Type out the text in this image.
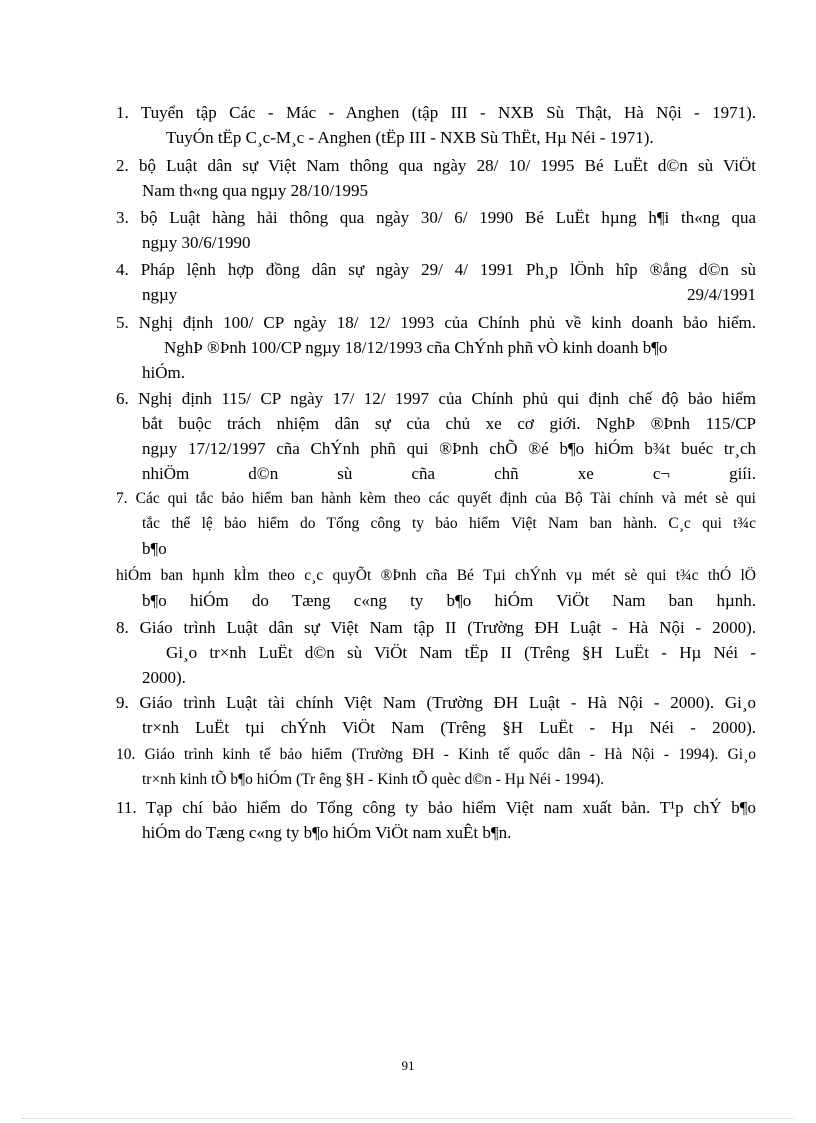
1. Tuyển tập Các - Mác - Anghen (tập III - NXB Sù Thật, Hà Nội - 1971).
TuyÓn tËp C¸c-M¸c - Anghen (tËp III - NXB Sù ThËt, Hµ Néi - 1971).
2. bộ Luật dân sự Việt Nam thông qua ngày 28/ 10/ 1995 Bé LuËt d©n sù ViÖt
Nam th«ng qua ngµy 28/10/1995
3. bộ Luật hàng hải thông qua ngày 30/ 6/ 1990 Bé LuËt hµng h¶i th«ng qua
ngµy 30/6/1990
4. Pháp lệnh hợp đồng dân sự ngày 29/ 4/ 1991 Ph¸p lÖnh hîp ®ång d©n sù
ngµy	29/4/1991
5. Nghị định 100/ CP ngày 18/ 12/ 1993 của Chính phủ về kinh doanh bảo hiểm.
NghÞ ®Þnh 100/CP ngµy 18/12/1993 cña ChÝnh phñ vÒ kinh doanh b¶o
hiÓm.
6. Nghị định 115/ CP ngày 17/ 12/ 1997 của Chính phủ qui định chế độ bảo hiểm
bắt buộc trách nhiệm dân sự của chủ xe cơ giới. NghÞ ®Þnh 115/CP
ngµy 17/12/1997 cña ChÝnh phñ qui ®Þnh chÕ ®é b¶o hiÓm b¾t buéc tr¸ch
nhiÖm d©n sù cña chñ xe c¬ giíi.
7. Các qui tắc bảo hiểm ban hành kèm theo các quyết định của Bộ Tài chính và mét sè qui
tắc thể lệ bảo hiểm do Tổng công ty bảo hiểm Việt Nam ban hành. C¸c qui t¾c
b¶o
hiÓm ban hµnh kÌm theo c¸c quyÕt ®Þnh cña Bé Tµi chÝnh vµ mét sè qui t¾c thÓ lÖ
b¶o hiÓm do Tæng c«ng ty b¶o hiÓm ViÖt Nam ban hµnh.
8. Giáo trình Luật dân sự Việt Nam tập II (Trường ĐH Luật - Hà Nội - 2000).
Gi¸o tr×nh LuËt d©n sù ViÖt Nam tËp II (Trêng §H LuËt - Hµ Néi -
2000).
9. Giáo trình Luật tài chính Việt Nam (Trường ĐH Luật - Hà Nội - 2000). Gi¸o
tr×nh LuËt tµi chÝnh ViÖt Nam (Trêng §H LuËt - Hµ Néi - 2000).
10. Giáo trình kinh tế bảo hiểm (Trường ĐH - Kinh tế quốc dân - Hà Nội - 1994). Gi¸o
tr×nh kinh tÕ b¶o hiÓm (Tr êng §H - Kinh tÕ quèc d©n - Hµ Néi - 1994).
11. Tạp chí bảo hiểm do Tổng công ty bảo hiểm Việt nam xuất bản. T¹p chÝ b¶o
hiÓm do Tæng c«ng ty b¶o hiÓm ViÖt nam xuÊt b¶n.
91
